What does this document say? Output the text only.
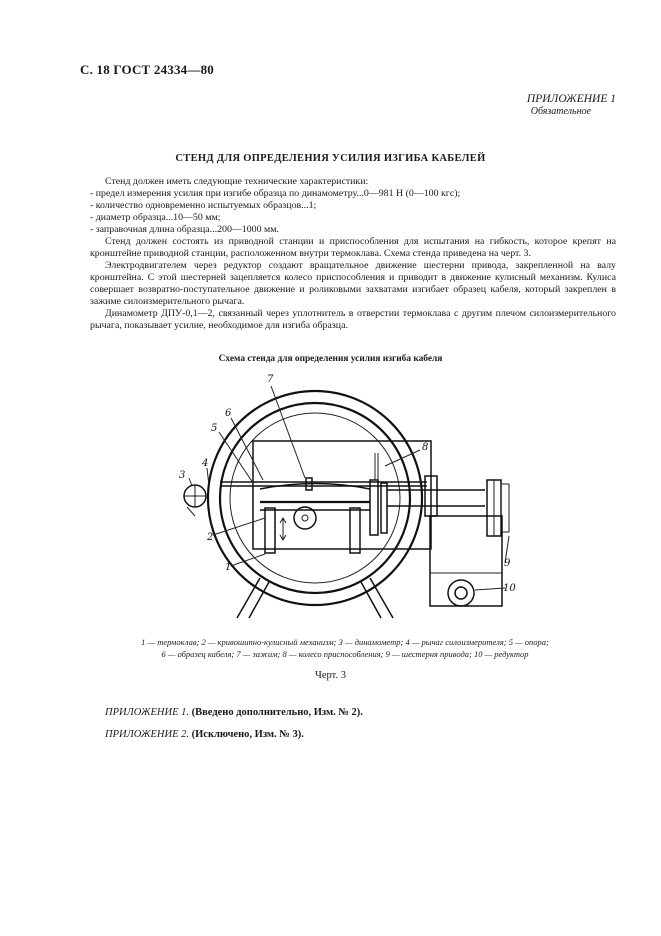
С. 18 ГОСТ 24334—80
ПРИЛОЖЕНИЕ 1
Обязательное
СТЕНД ДЛЯ ОПРЕДЕЛЕНИЯ УСИЛИЯ ИЗГИБА КАБЕЛЕЙ

Стенд должен иметь следующие технические характеристики:

- предел измерения усилия при изгибе образца по динамометру...0—981 Н (0—100 кгс);

- количество одновременно испытуемых образцов...1;

- диаметр образца...10—50 мм;

- заправочная длина образца...200—1000 мм.

Стенд должен состоять из приводной станции и приспособления для испытания на гибкость, которое крепят на кронштейне приводной станции, расположенном внутри термоклава. Схема стенда приведена на черт. 3.

Электродвигателем через редуктор создают вращательное движение шестерни привода, закрепленной на валу кронштейна. С этой шестерней зацепляется колесо приспособления и приводит в движение кулисный механизм. Кулиса совершает возвратно-поступательное движение и роликовыми захватами изгибает образец кабеля, который закреплен в зажиме силоизмерительного рычага.

Динамометр ДПУ-0,1—2, связанный через уплотнитель в отверстии термоклава с другим плечом силоизмерительного рычага, показывает усилие, необходимое для изгиба образца.

Схема стенда для определения усилия изгиба кабеля
7
6
5
4
3
2
1
8
9
10
1 — термоклав; 2 — кривошипно-кулисный механизм; 3 — динамометр; 4 — рычаг силоизмерителя; 5 — опора;
6 — образец кабеля; 7 — зажим; 8 — колесо приспособления; 9 — шестерня привода; 10 — редуктор
Черт. 3
ПРИЛОЖЕНИЕ 1. (Введено дополнительно, Изм. № 2).
ПРИЛОЖЕНИЕ 2. (Исключено, Изм. № 3).
